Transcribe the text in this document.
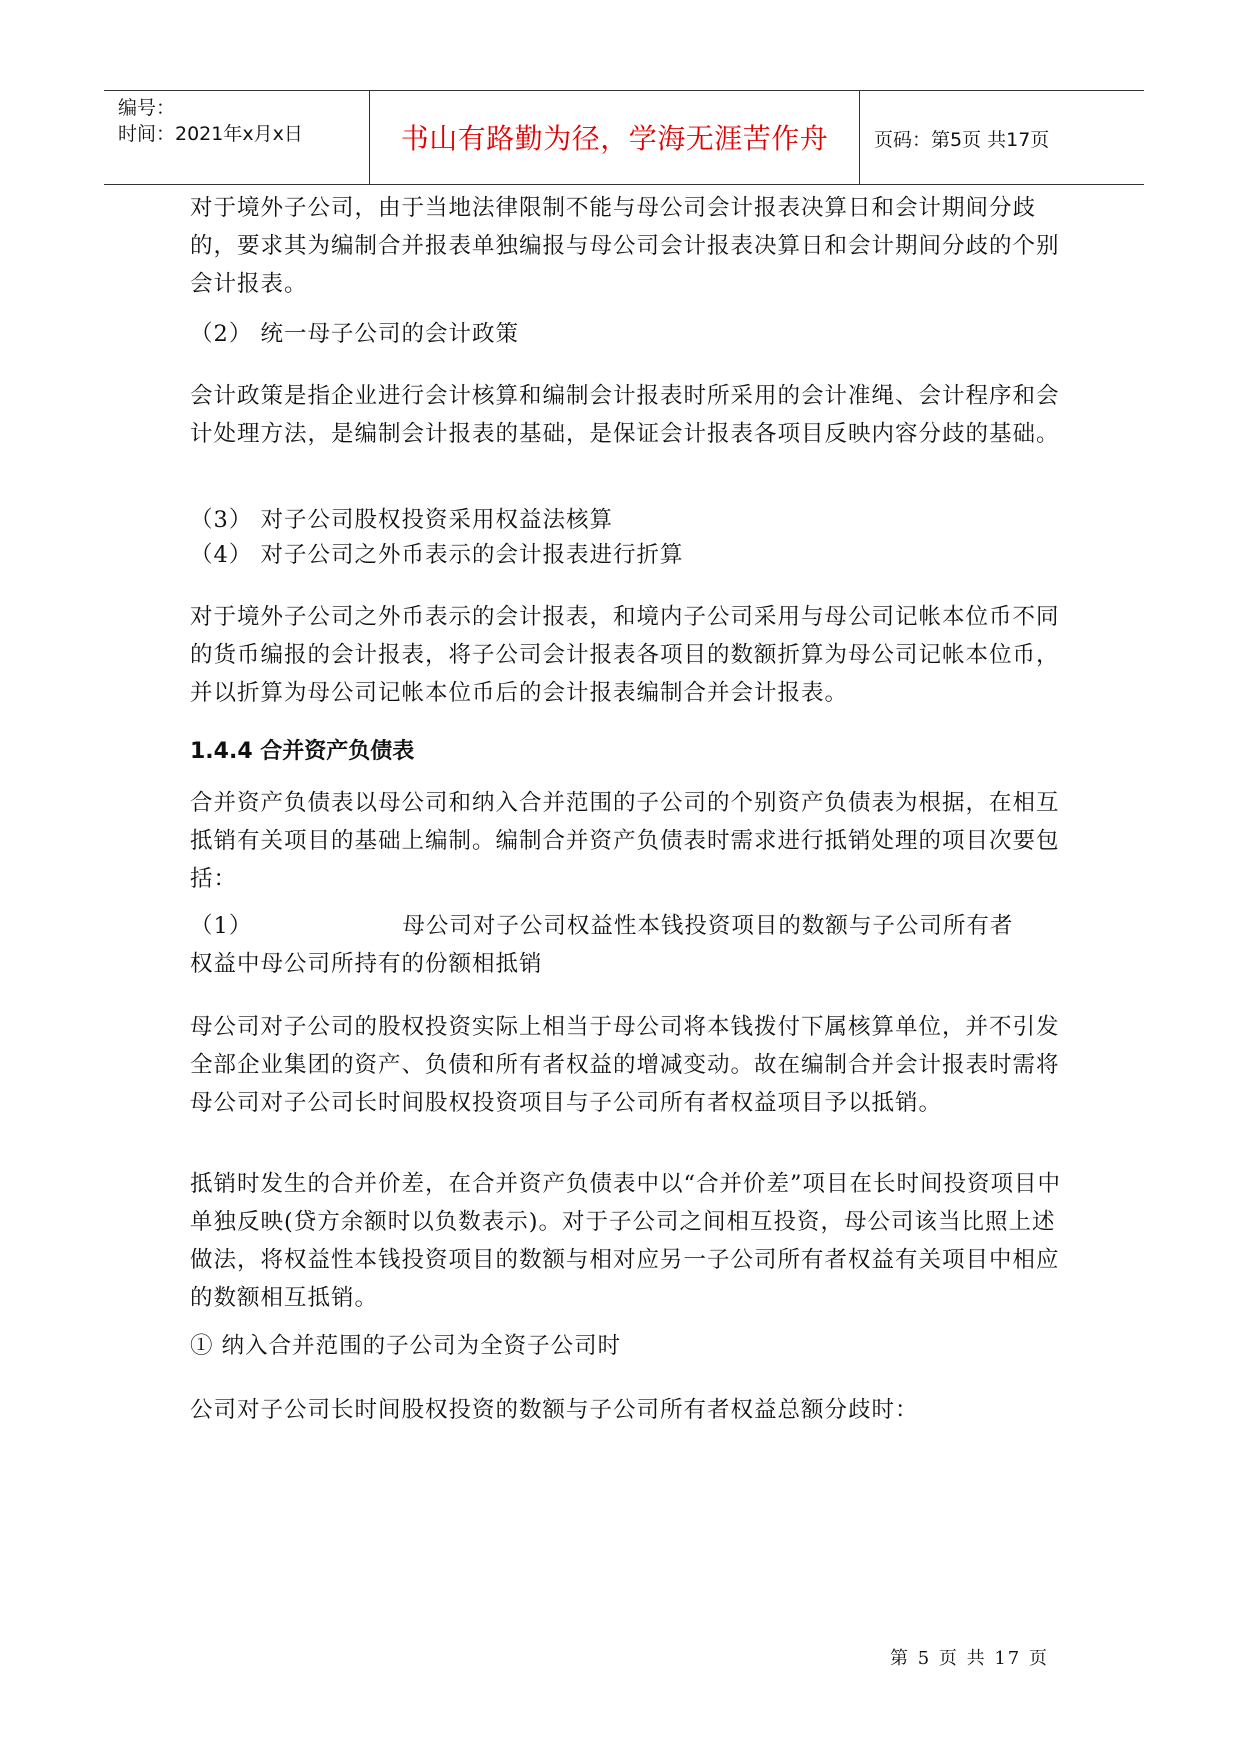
编号：
时间：2021年x月x日	书山有路勤为径，学海无涯苦作舟	页码：第5页 共17页
对于境外子公司，由于当地法律限制不能与母公司会计报表决算日和会计期间分歧的，要求其为编制合并报表单独编报与母公司会计报表决算日和会计期间分歧的个别会计报表。
（2） 统一母子公司的会计政策
会计政策是指企业进行会计核算和编制会计报表时所采用的会计准绳、会计程序和会计处理方法，是编制会计报表的基础，是保证会计报表各项目反映内容分歧的基础。
（3） 对子公司股权投资采用权益法核算
（4） 对子公司之外币表示的会计报表进行折算
对于境外子公司之外币表示的会计报表，和境内子公司采用与母公司记帐本位币不同的货币编报的会计报表，将子公司会计报表各项目的数额折算为母公司记帐本位币，并以折算为母公司记帐本位币后的会计报表编制合并会计报表。
1.4.4 合并资产负债表
合并资产负债表以母公司和纳入合并范围的子公司的个别资产负债表为根据，在相互抵销有关项目的基础上编制。编制合并资产负债表时需求进行抵销处理的项目次要包括：
（1）	母公司对子公司权益性本钱投资项目的数额与子公司所有者
权益中母公司所持有的份额相抵销
母公司对子公司的股权投资实际上相当于母公司将本钱拨付下属核算单位，并不引发全部企业集团的资产、负债和所有者权益的增减变动。故在编制合并会计报表时需将母公司对子公司长时间股权投资项目与子公司所有者权益项目予以抵销。
抵销时发生的合并价差，在合并资产负债表中以“合并价差”项目在长时间投资项目中单独反映(贷方余额时以负数表示)。对于子公司之间相互投资，母公司该当比照上述做法，将权益性本钱投资项目的数额与相对应另一子公司所有者权益有关项目中相应的数额相互抵销。
① 纳入合并范围的子公司为全资子公司时
公司对子公司长时间股权投资的数额与子公司所有者权益总额分歧时：
第 5 页 共 17 页
